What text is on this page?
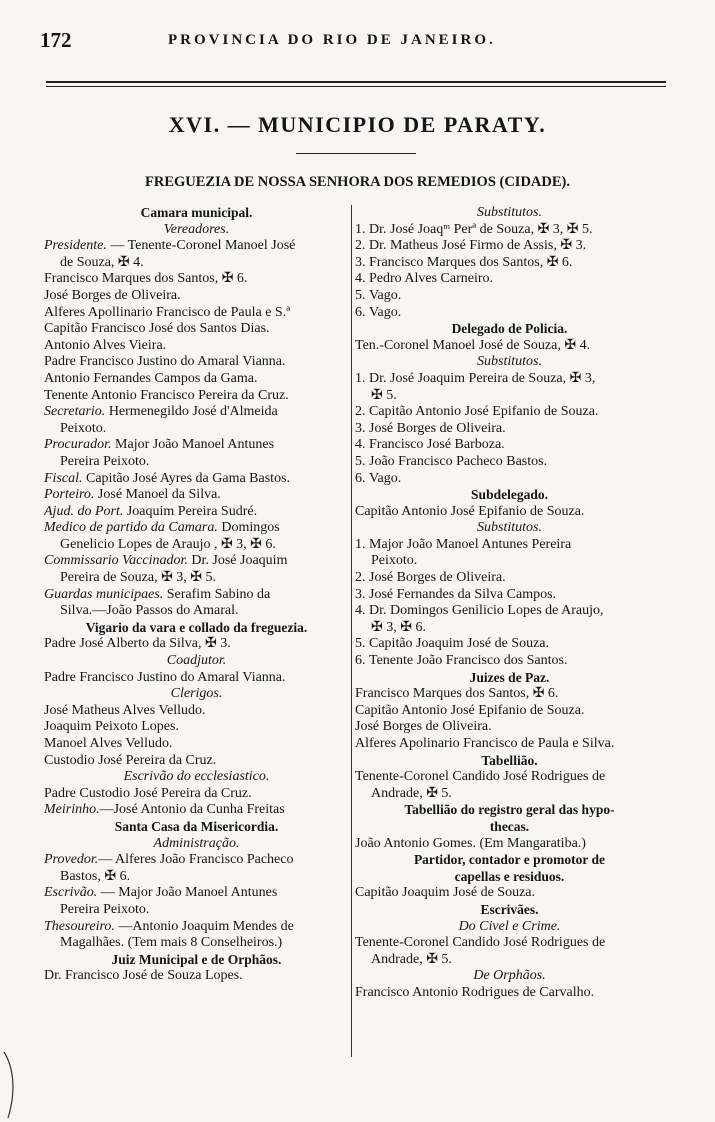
172	PROVINCIA DO RIO DE JANEIRO.
XVI. — MUNICIPIO DE PARATY.
FREGUEZIA DE NOSSA SENHORA DOS REMEDIOS (CIDADE).
Camara municipal.
Vereadores.
Presidente. — Tenente-Coronel Manoel José
de Souza, ✠ 4.
Francisco Marques dos Santos, ✠ 6.
José Borges de Oliveira.
Alferes Apollinario Francisco de Paula e S.ª
Capitão Francisco José dos Santos Dias.
Antonio Alves Vieira.
Padre Francisco Justino do Amaral Vianna.
Antonio Fernandes Campos da Gama.
Tenente Antonio Francisco Pereira da Cruz.
Secretario. Hermenegildo José d'Almeida
Peixoto.
Procurador. Major João Manoel Antunes
Pereira Peixoto.
Fiscal. Capitão José Ayres da Gama Bastos.
Porteiro. José Manoel da Silva.
Ajud. do Port. Joaquim Pereira Sudré.
Medico de partido da Camara. Domingos
Genelicio Lopes de Araujo , ✠ 3, ✠ 6.
Commissario Vaccinador. Dr. José Joaquim
Pereira de Souza, ✠ 3, ✠ 5.
Guardas municipaes. Serafim Sabino da
Silva.—João Passos do Amaral.
Vigario da vara e collado da freguezia.
Padre José Alberto da Silva, ✠ 3.
Coadjutor.
Padre Francisco Justino do Amaral Vianna.
Clerigos.
José Matheus Alves Velludo.
Joaquim Peixoto Lopes.
Manoel Alves Velludo.
Custodio José Pereira da Cruz.
Escrivão do ecclesiastico.
Padre Custodio José Pereira da Cruz.
Meirinho.—José Antonio da Cunha Freitas
Santa Casa da Misericordia.
Administração.
Provedor.— Alferes João Francisco Pacheco
Bastos, ✠ 6.
Escrivão. — Major João Manoel Antunes
Pereira Peixoto.
Thesoureiro. —Antonio Joaquim Mendes de
Magalhães. (Tem mais 8 Conselheiros.)
Juiz Municipal e de Orphãos.
Dr. Francisco José de Souza Lopes.
Substitutos.
1. Dr. José Joaqᵐ Perª de Souza, ✠ 3, ✠ 5.
2. Dr. Matheus José Firmo de Assis, ✠ 3.
3. Francisco Marques dos Santos, ✠ 6.
4. Pedro Alves Carneiro.
5. Vago.
6. Vago.
Delegado de Policia.
Ten.-Coronel Manoel José de Souza, ✠ 4.
Substitutos.
1. Dr. José Joaquim Pereira de Souza, ✠ 3,
✠ 5.
2. Capitão Antonio José Epifanio de Souza.
3. José Borges de Oliveira.
4. Francisco José Barboza.
5. João Francisco Pacheco Bastos.
6. Vago.
Subdelegado.
Capitão Antonio José Epifanio de Souza.
Substitutos.
1. Major João Manoel Antunes Pereira
Peixoto.
2. José Borges de Oliveira.
3. José Fernandes da Silva Campos.
4. Dr. Domingos Genilicio Lopes de Araujo,
✠ 3, ✠ 6.
5. Capitão Joaquim José de Souza.
6. Tenente João Francisco dos Santos.
Juizes de Paz.
Francisco Marques dos Santos, ✠ 6.
Capitão Antonio José Epifanio de Souza.
José Borges de Oliveira.
Alferes Apolinario Francisco de Paula e Silva.
Tabellião.
Tenente-Coronel Candido José Rodrigues de
Andrade, ✠ 5.
Tabellião do registro geral das hypo-
thecas.
João Antonio Gomes. (Em Mangaratiba.)
Partidor, contador e promotor de
capellas e residuos.
Capitão Joaquim José de Souza.
Escrivães.
Do Civel e Crime.
Tenente-Coronel Candido José Rodrigues de
Andrade, ✠ 5.
De Orphãos.
Francisco Antonio Rodrigues de Carvalho.
